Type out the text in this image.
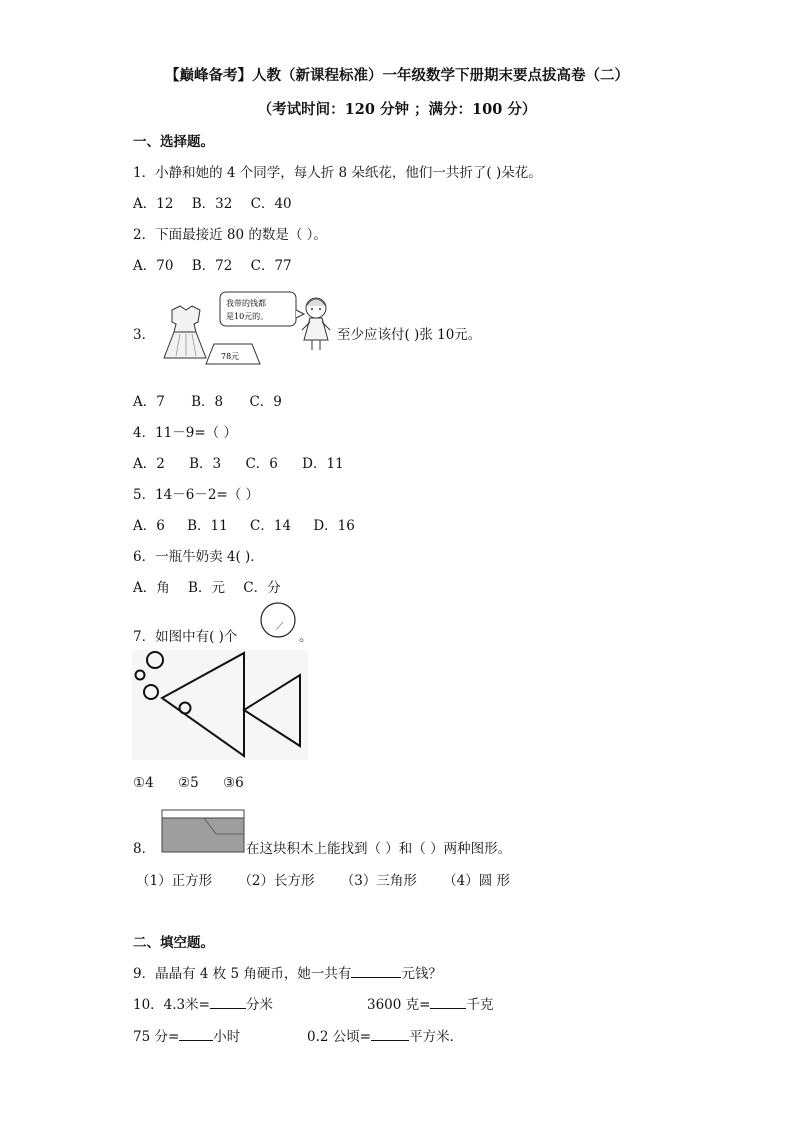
【巅峰备考】人教（新课程标准）一年级数学下册期末要点拔高卷（二）
（考试时间：120 分钟 ；满分：100 分）
一、选择题。
1．小静和她的 4 个同学，每人折 8 朵纸花，他们一共折了( )朵花。
A．12 B．32 C．40
2．下面最接近 80 的数是（ ）。
A．70 B．72 C．77
3．
78元
我带的钱都
是10元的。
至少应该付( )张 10元。
A．7 B．8 C．9
4．11－9=（ ）
A．2 B．3 C．6 D．11
5．14－6－2=（ ）
A．6 B．11 C．14 D．16
6．一瓶牛奶卖 4( )．
A．角 B．元 C．分
7．如图中有( )个	。
①4 ②5 ③6
8．	在这块积木上能找到（ ）和（ ）两种图形。
（1）正方形 （2）长方形 （3）三角形 （4）圆 形
二、填空题。
9．晶晶有 4 枚 5 角硬币，她一共有	元钱？
10．4.3米=	分米	3600 克=	千克
75 分=	小时	0.2 公顷=	平方米．
